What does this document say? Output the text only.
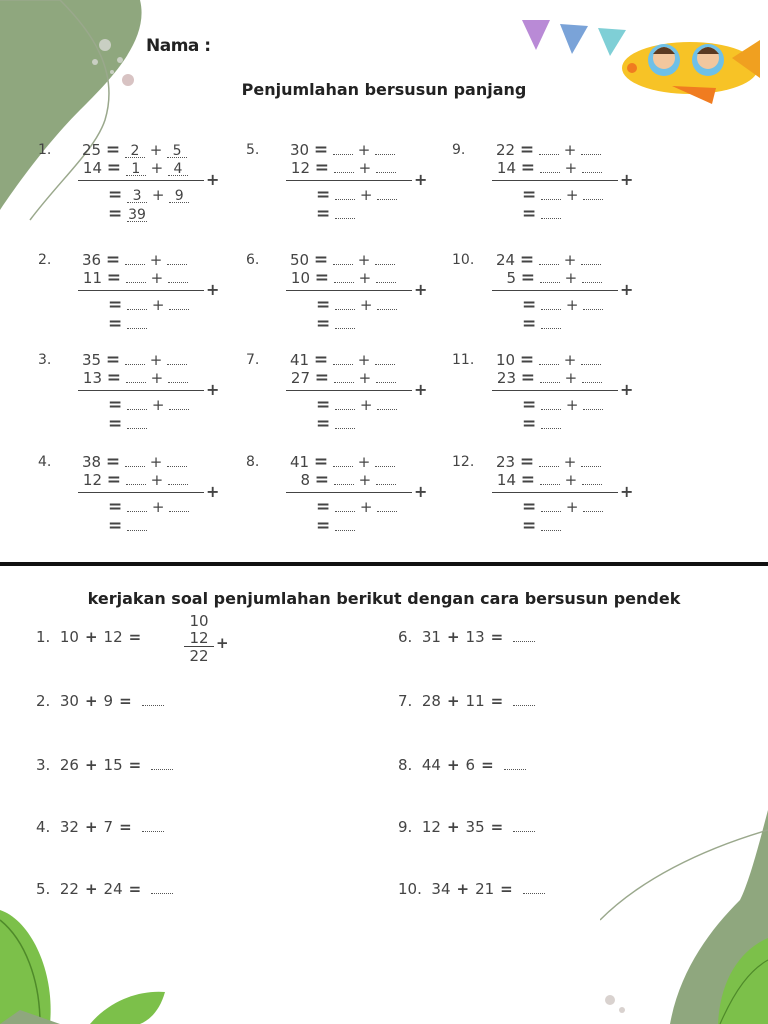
Nama :
Penjumlahan bersusun panjang
1. 25 = 2 + 5
14 = 1 + 4
+
= 3 + 9
= 39
2. 36 = +
11 = +
+
= +
=
3. 35 = +
13 = +
+
= +
=
4. 38 = +
12 = +
+
= +
=
5. 30 = +
12 = +
+
= +
=
6. 50 = +
10 = +
+
= +
=
7. 41 = +
27 = +
+
= +
=
8. 41 = +
8 = +
+
= +
=
9. 22 = +
14 = +
+
= +
=
10. 24 = +
5 = +
+
= +
=
11. 10 = +
23 = +
+
= +
=
12. 23 = +
14 = +
+
= +
=
kerjakan soal penjumlahan berikut dengan cara bersusun pendek
1. 10 + 12 =
10
12
22
+
2. 30 + 9 =
3. 26 + 15 =
4. 32 + 7 =
5. 22 + 24 =
6. 31 + 13 =
7. 28 + 11 =
8. 44 + 6 =
9. 12 + 35 =
10. 34 + 21 =
